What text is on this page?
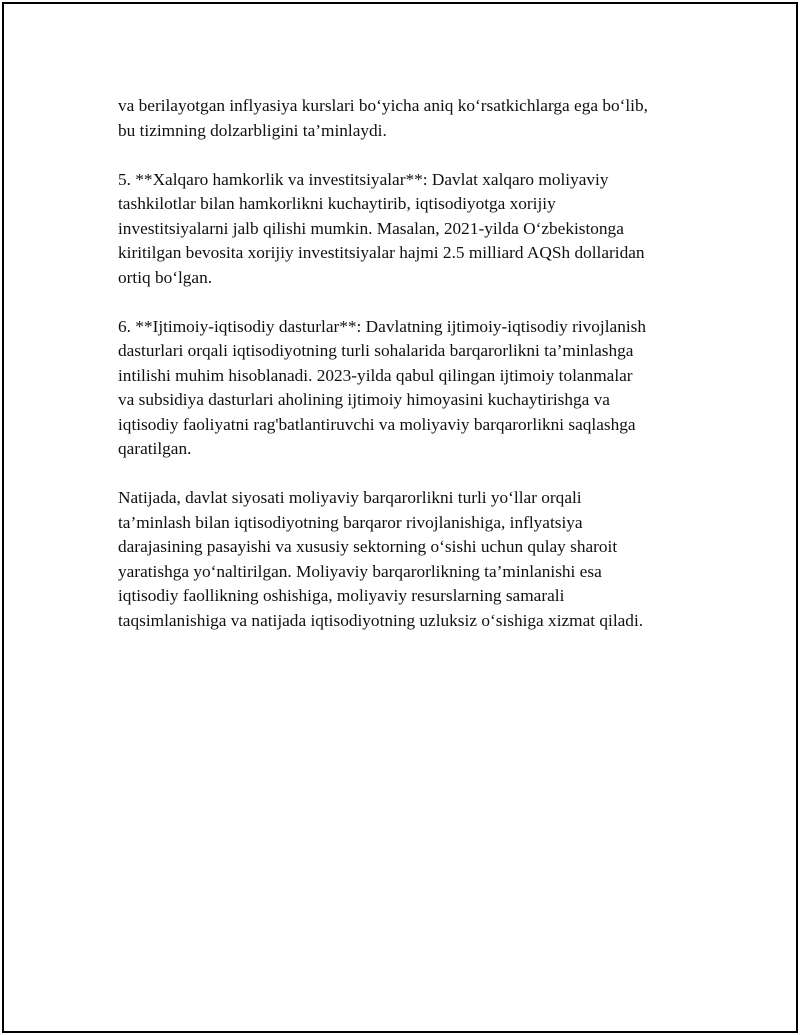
va berilayotgan inflyasiya kurslari bo‘yicha aniq ko‘rsatkichlarga ega bo‘lib,
bu tizimning dolzarbligini ta’minlaydi.

5. **Xalqaro hamkorlik va investitsiyalar**: Davlat xalqaro moliyaviy
tashkilotlar bilan hamkorlikni kuchaytirib, iqtisodiyotga xorijiy
investitsiyalarni jalb qilishi mumkin. Masalan, 2021-yilda O‘zbekistonga
kiritilgan bevosita xorijiy investitsiyalar hajmi 2.5 milliard AQSh dollaridan
ortiq bo‘lgan.

6. **Ijtimoiy-iqtisodiy dasturlar**: Davlatning ijtimoiy-iqtisodiy rivojlanish
dasturlari orqali iqtisodiyotning turli sohalarida barqarorlikni ta’minlashga
intilishi muhim hisoblanadi. 2023-yilda qabul qilingan ijtimoiy tolanmalar
va subsidiya dasturlari aholining ijtimoiy himoyasini kuchaytirishga va
iqtisodiy faoliyatni rag'batlantiruvchi va moliyaviy barqarorlikni saqlashga
qaratilgan.

Natijada, davlat siyosati moliyaviy barqarorlikni turli yo‘llar orqali
ta’minlash bilan iqtisodiyotning barqaror rivojlanishiga, inflyatsiya
darajasining pasayishi va xususiy sektorning o‘sishi uchun qulay sharoit
yaratishga yo‘naltirilgan. Moliyaviy barqarorlikning ta’minlanishi esa
iqtisodiy faollikning oshishiga, moliyaviy resurslarning samarali
taqsimlanishiga va natijada iqtisodiyotning uzluksiz o‘sishiga xizmat qiladi.
